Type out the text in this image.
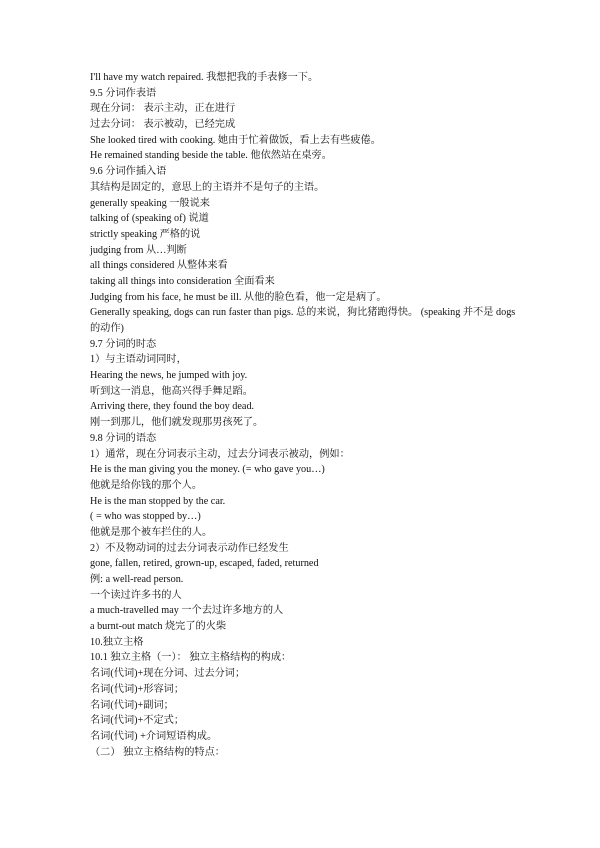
I'll have my watch repaired. 我想把我的手表修一下。
9.5 分词作表语
现在分词： 表示主动，正在进行
过去分词： 表示被动，已经完成
She looked tired with cooking. 她由于忙着做饭，看上去有些疲倦。
He remained standing beside the table. 他依然站在桌旁。
9.6 分词作插入语
其结构是固定的，意思上的主语并不是句子的主语。
generally speaking 一般说来
talking of (speaking of) 说道
strictly speaking 严格的说
judging from 从…判断
all things considered 从整体来看
taking all things into consideration 全面看来
Judging from his face, he must be ill. 从他的脸色看，他一定是病了。
Generally speaking, dogs can run faster than pigs. 总的来说，狗比猪跑得快。 (speaking 并不是 dogs 的动作)
9.7 分词的时态
1）与主语动词同时，
Hearing the news, he jumped with joy.
听到这一消息，他高兴得手舞足蹈。
Arriving there, they found the boy dead.
刚一到那儿，他们就发现那男孩死了。
9.8 分词的语态
1）通常，现在分词表示主动，过去分词表示被动，例如：
He is the man giving you the money. (= who gave you…)
他就是给你钱的那个人。
He is the man stopped by the car.
( = who was stopped by…)
他就是那个被车拦住的人。
2）不及物动词的过去分词表示动作已经发生
gone, fallen, retired, grown-up, escaped, faded, returned
例: a well-read person.
一个读过许多书的人
a much-travelled may 一个去过许多地方的人
a burnt-out match 烧完了的火柴
10.独立主格
10.1 独立主格（一）： 独立主格结构的构成：
名词(代词)+现在分词、过去分词；
名词(代词)+形容词；
名词(代词)+副词；
名词(代词)+不定式；
名词(代词) +介词短语构成。
（二） 独立主格结构的特点：
